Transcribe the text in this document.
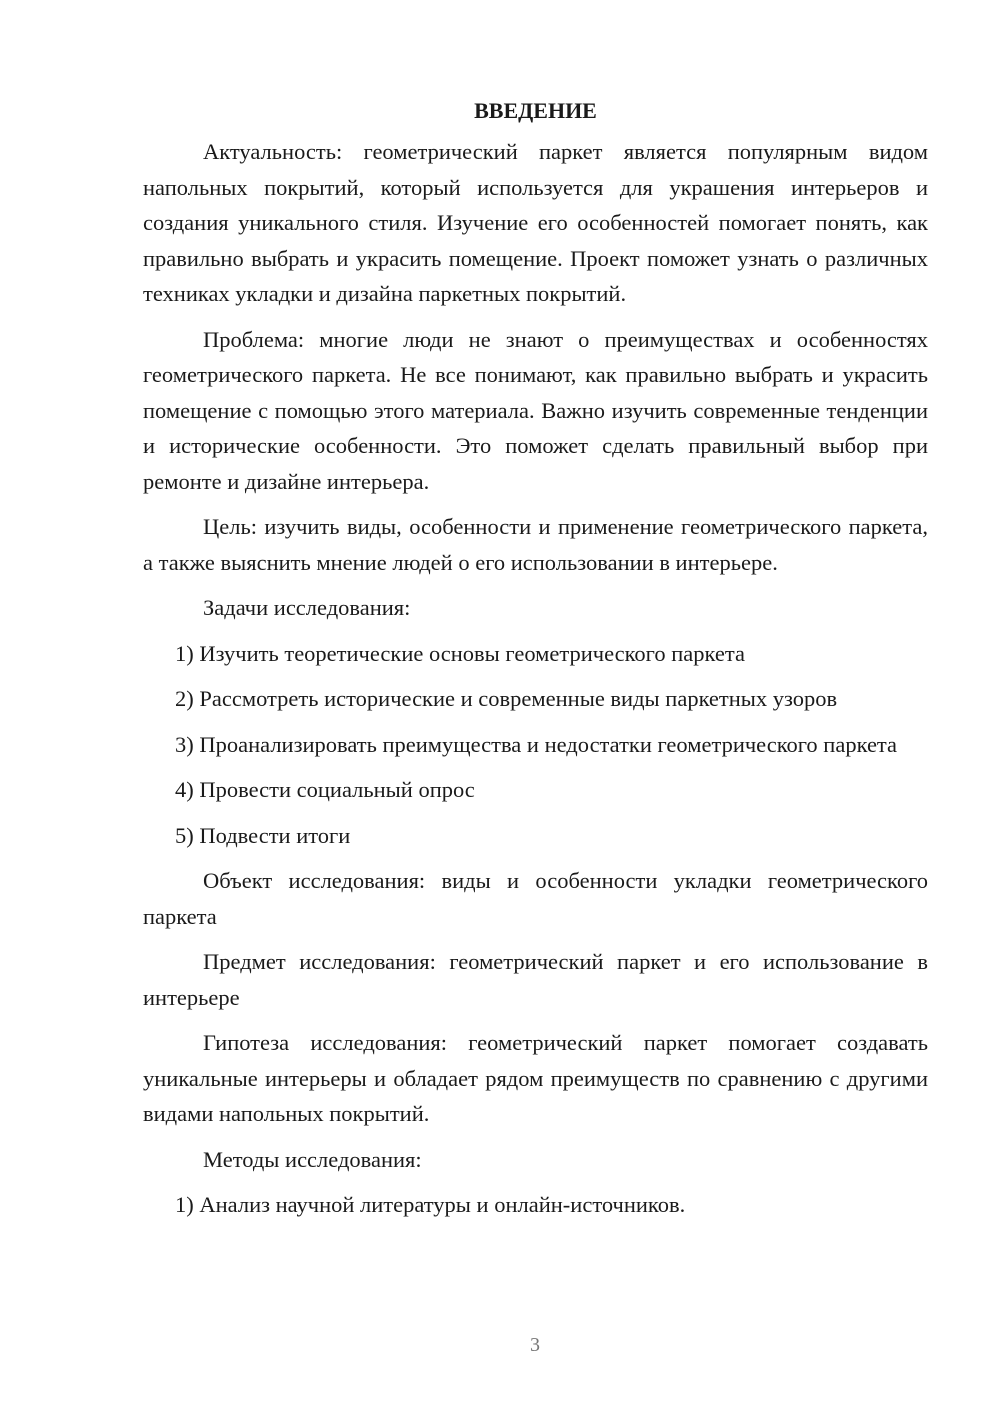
ВВЕДЕНИЕ

Актуальность: геометрический паркет является популярным видом напольных покрытий, который используется для украшения интерьеров и создания уникального стиля. Изучение его особенностей помогает понять, как правильно выбрать и украсить помещение. Проект поможет узнать о различных техниках укладки и дизайна паркетных покрытий.

Проблема: многие люди не знают о преимуществах и особенностях геометрического паркета. Не все понимают, как правильно выбрать и украсить помещение с помощью этого материала. Важно изучить современные тенденции и исторические особенности. Это поможет сделать правильный выбор при ремонте и дизайне интерьера.

Цель: изучить виды, особенности и применение геометрического паркета, а также выяснить мнение людей о его использовании в интерьере.

Задачи исследования:

1) Изучить теоретические основы геометрического паркета

2) Рассмотреть исторические и современные виды паркетных узоров

3) Проанализировать преимущества и недостатки геометрического паркета

4) Провести социальный опрос

5) Подвести итоги

Объект исследования: виды и особенности укладки геометрического паркета

Предмет исследования: геометрический паркет и его использование в интерьере

Гипотеза исследования: геометрический паркет помогает создавать уникальные интерьеры и обладает рядом преимуществ по сравнению с другими видами напольных покрытий.

Методы исследования:

1) Анализ научной литературы и онлайн-источников.

3
